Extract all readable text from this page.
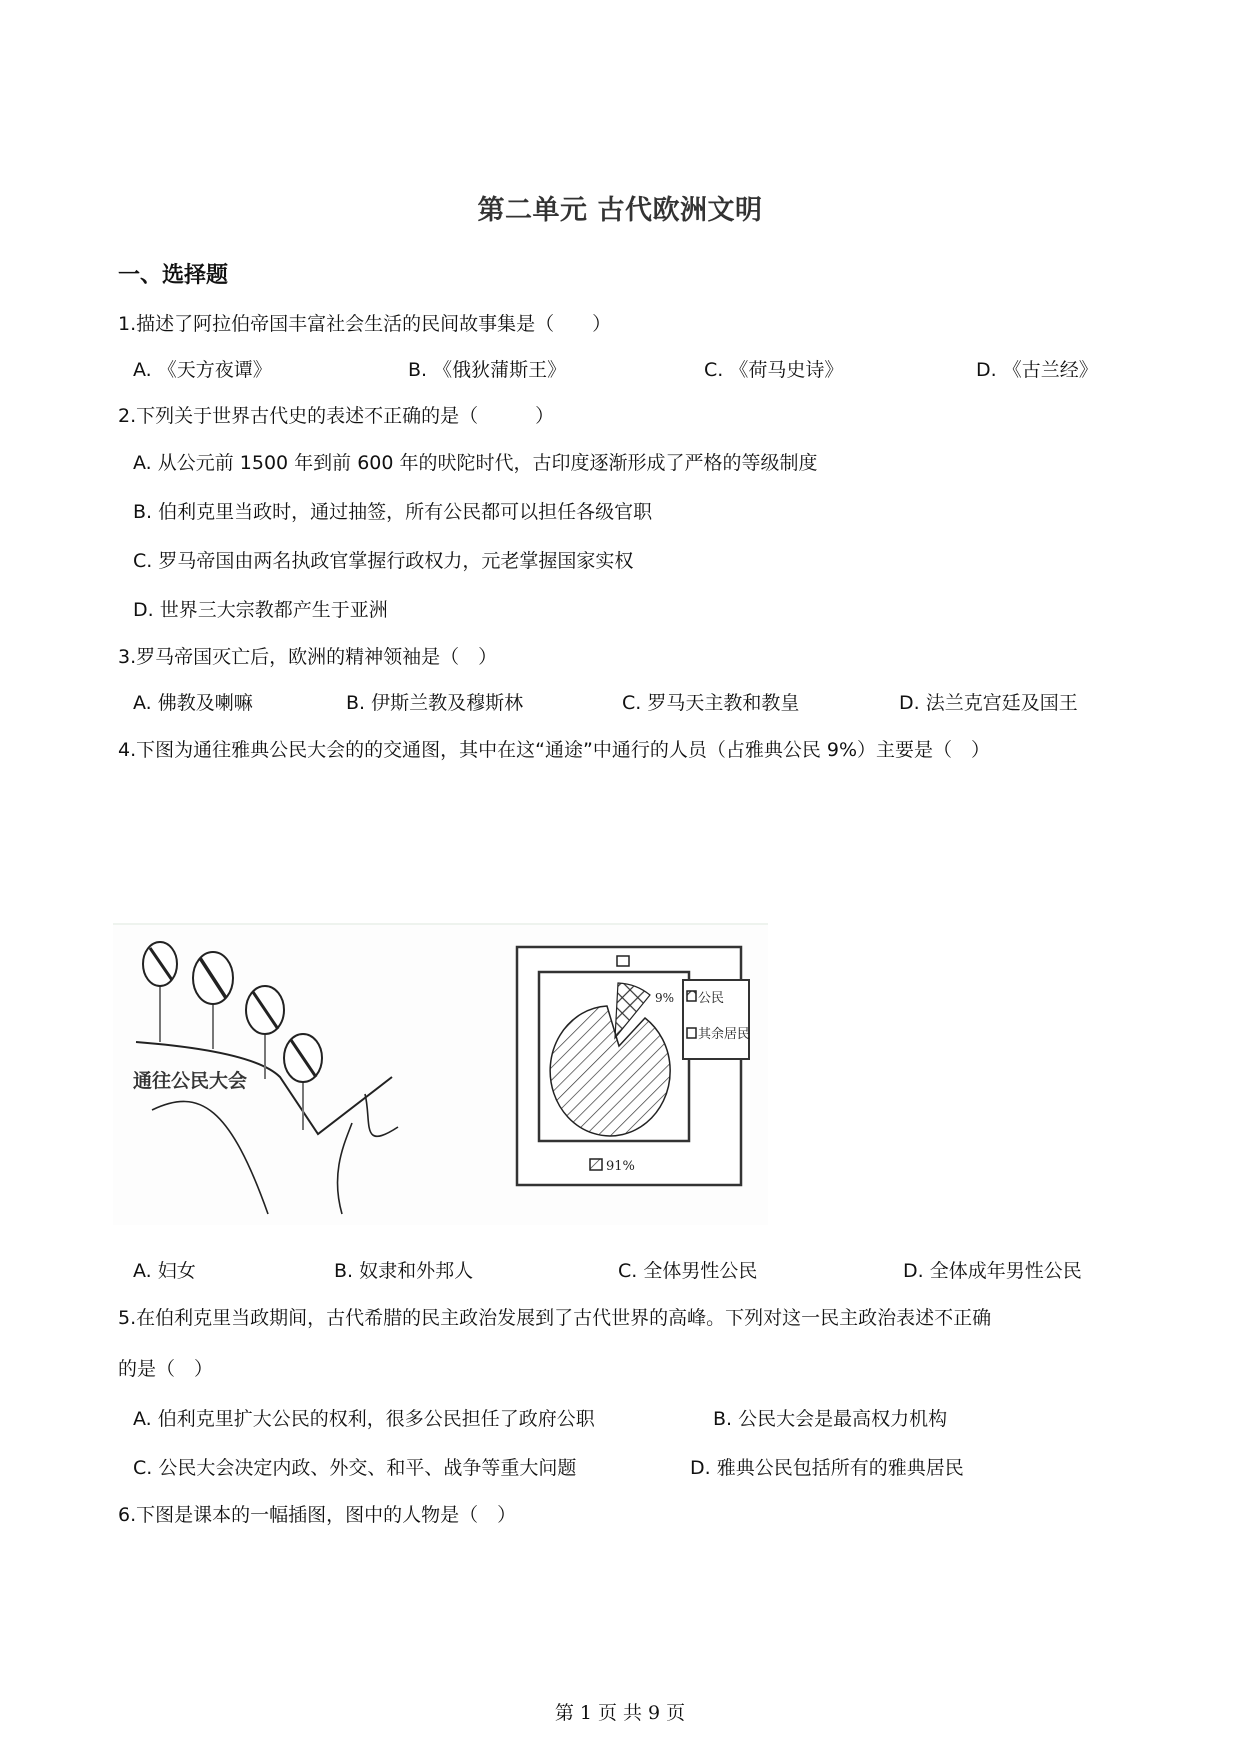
第二单元 古代欧洲文明
一、选择题
1.描述了阿拉伯帝国丰富社会生活的民间故事集是（　　）
A. 《天方夜谭》	B. 《俄狄蒲斯王》	C. 《荷马史诗》	D. 《古兰经》
2.下列关于世界古代史的表述不正确的是（　　　）
A. 从公元前 1500 年到前 600 年的吠陀时代，古印度逐渐形成了严格的等级制度
B. 伯利克里当政时，通过抽签，所有公民都可以担任各级官职
C. 罗马帝国由两名执政官掌握行政权力，元老掌握国家实权
D. 世界三大宗教都产生于亚洲
3.罗马帝国灭亡后，欧洲的精神领袖是（　）
A. 佛教及喇嘛	B. 伊斯兰教及穆斯林	C. 罗马天主教和教皇	D. 法兰克宫廷及国王
4.下图为通往雅典公民大会的的交通图，其中在这“通途”中通行的人员（占雅典公民 9%）主要是（　）
通往公民大会
9% 公民
其余居民
91%
A. 妇女	B. 奴隶和外邦人	C. 全体男性公民	D. 全体成年男性公民
5.在伯利克里当政期间，古代希腊的民主政治发展到了古代世界的高峰。下列对这一民主政治表述不正确
的是（　）
A. 伯利克里扩大公民的权利，很多公民担任了政府公职	B. 公民大会是最高权力机构
C. 公民大会决定内政、外交、和平、战争等重大问题	D. 雅典公民包括所有的雅典居民
6.下图是课本的一幅插图，图中的人物是（　）
第 1 页 共 9 页
